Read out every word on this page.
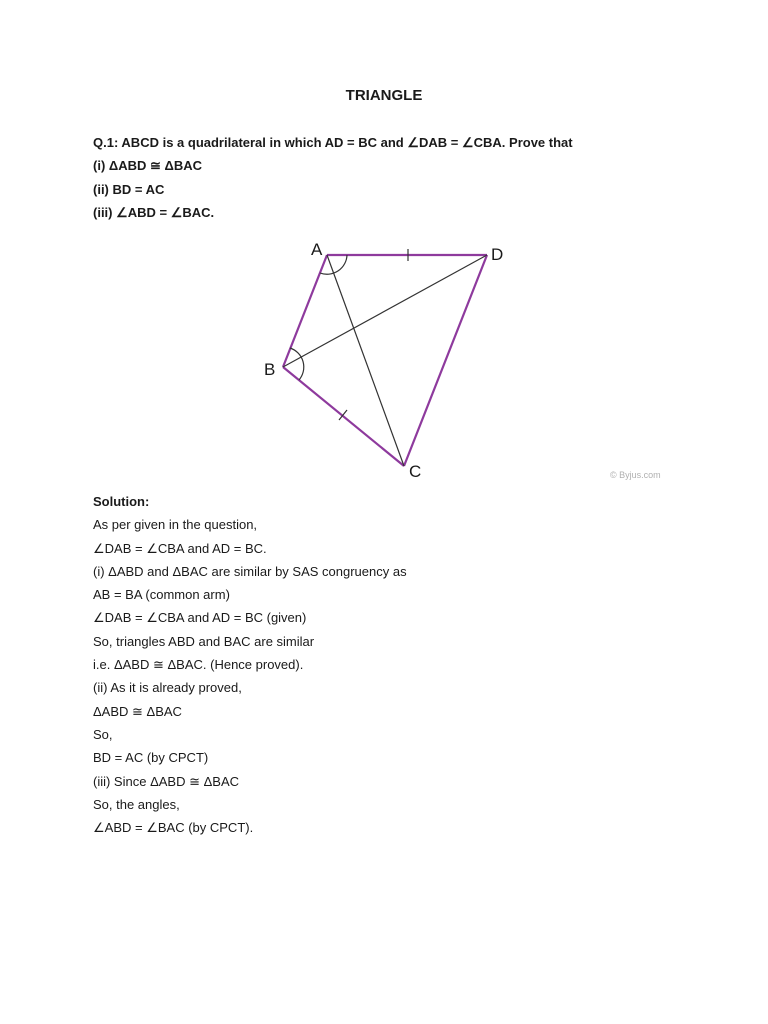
TRIANGLE
Q.1: ABCD is a quadrilateral in which AD = BC and ∠DAB = ∠CBA. Prove that
(i) ΔABD ≅ ΔBAC
(ii) BD = AC
(iii) ∠ABD = ∠BAC.
A	D
B
C	© Byjus.com
Solution:
As per given in the question,
∠DAB = ∠CBA and AD = BC.
(i) ΔABD and ΔBAC are similar by SAS congruency as
AB = BA (common arm)
∠DAB = ∠CBA and AD = BC (given)
So, triangles ABD and BAC are similar
i.e. ΔABD ≅ ΔBAC. (Hence proved).
(ii) As it is already proved,
ΔABD ≅ ΔBAC
So,
BD = AC (by CPCT)
(iii) Since ΔABD ≅ ΔBAC
So, the angles,
∠ABD = ∠BAC (by CPCT).
